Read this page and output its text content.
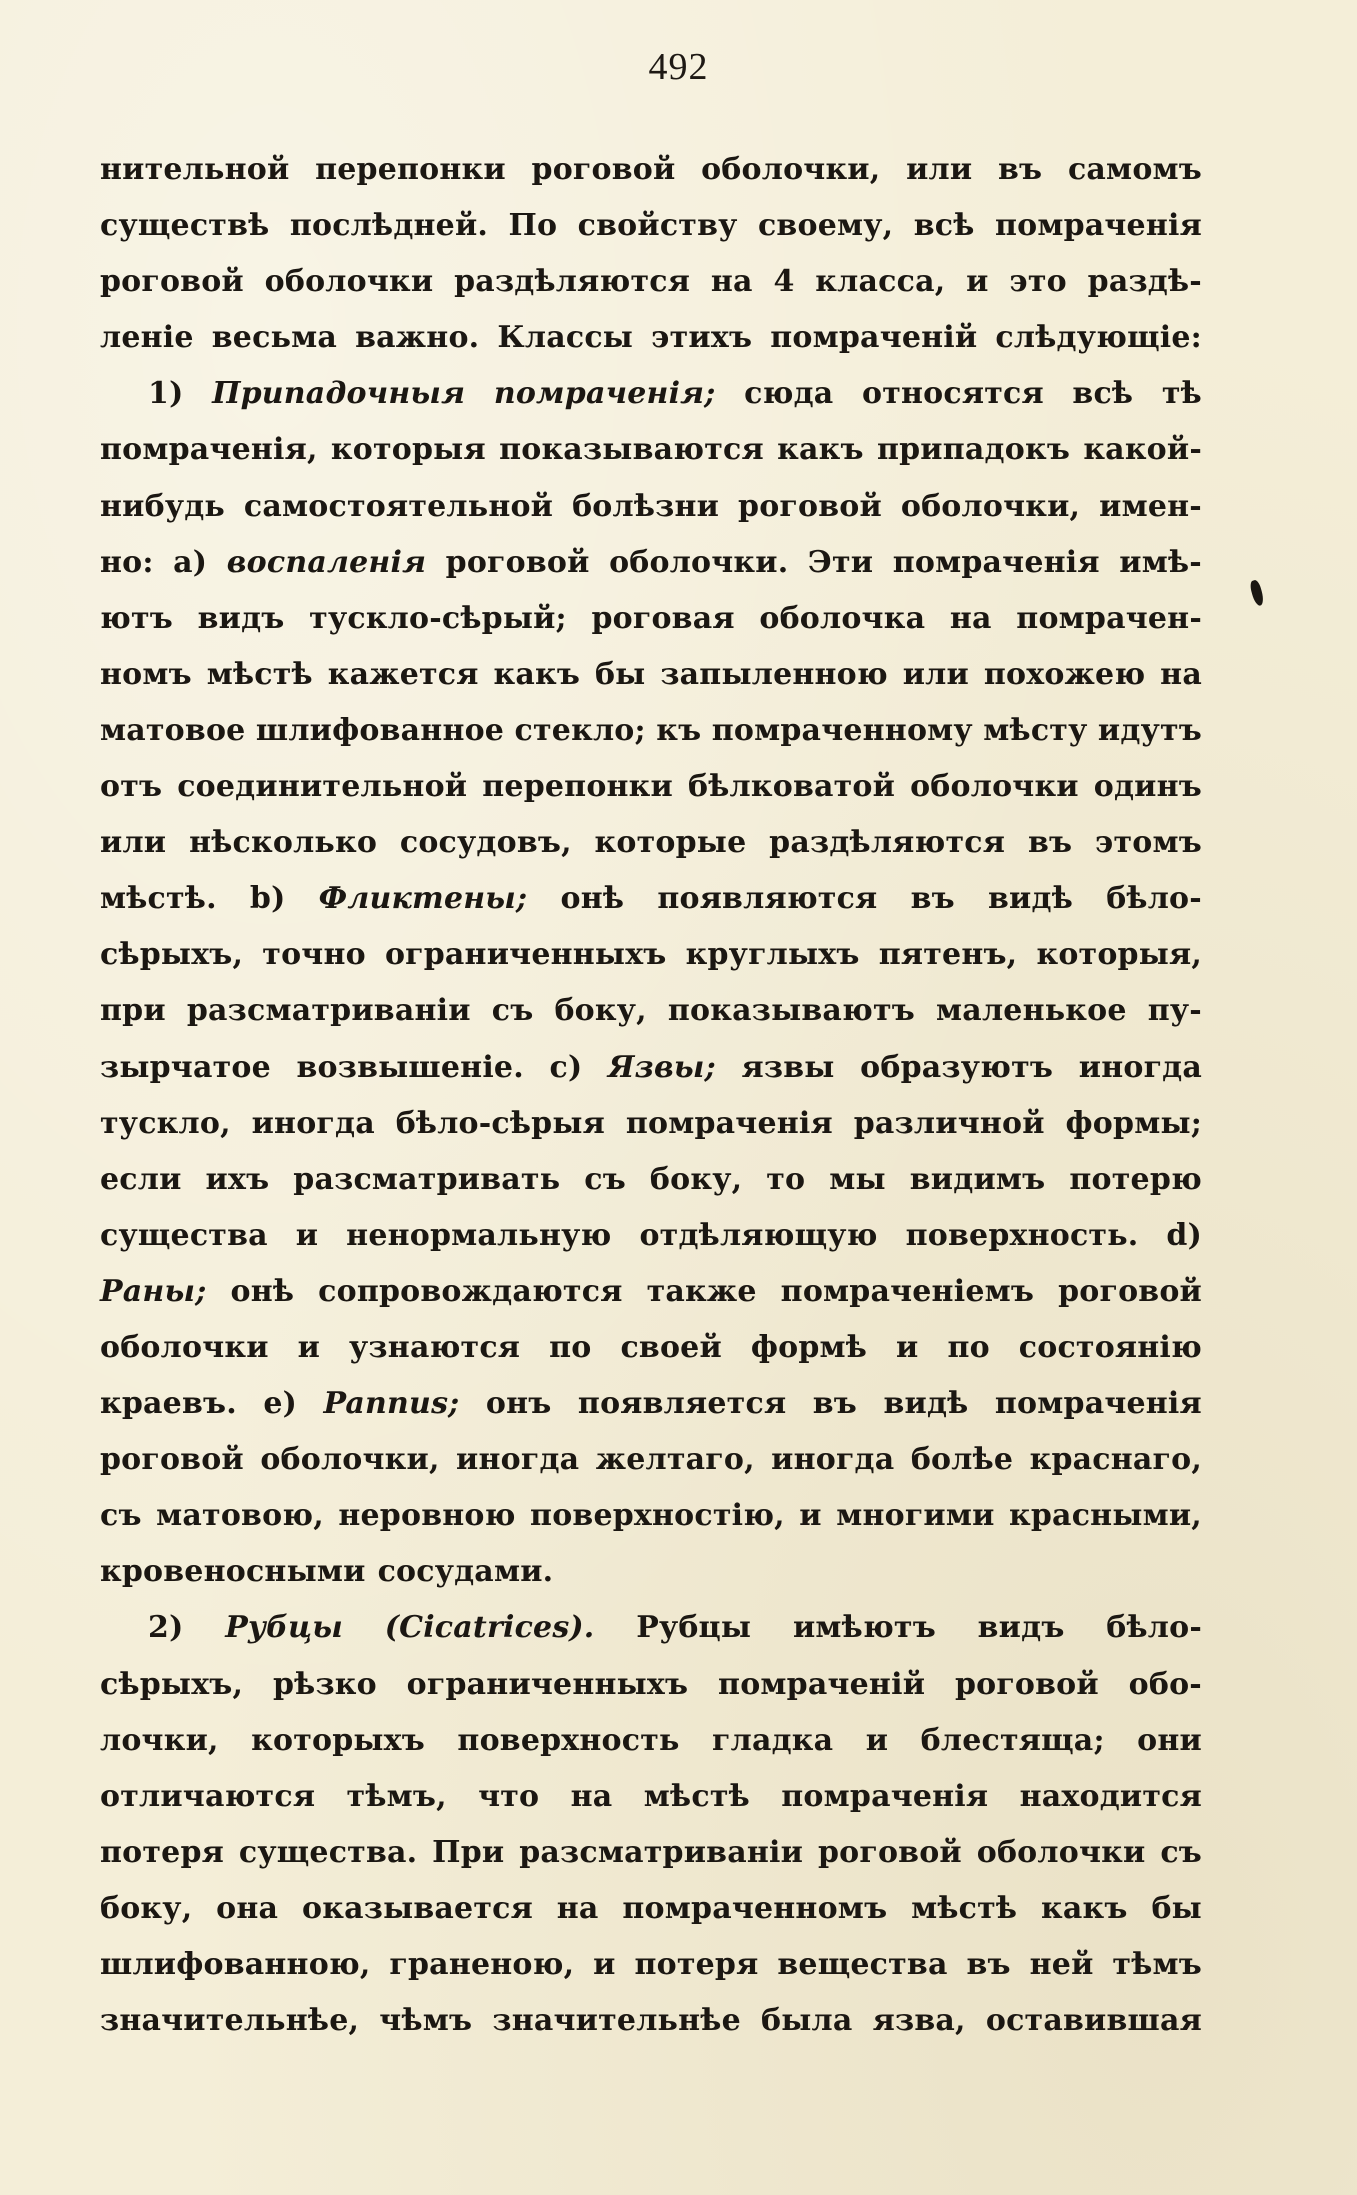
492
нительной перепонки роговой оболочки, или въ самомъ
существѣ послѣдней. По свойству своему, всѣ помраченія
роговой оболочки раздѣляются на 4 класса, и это раздѣ-
леніе весьма важно. Классы этихъ помраченій слѣдующіе:
1) Припадочныя помраченія; сюда относятся всѣ тѣ
помраченія, которыя показываются какъ припадокъ какой-
нибудь самостоятельной болѣзни роговой оболочки, имен-
но: а) воспаленія роговой оболочки. Эти помраченія имѣ-
ютъ видъ тускло-сѣрый; роговая оболочка на помрачен-
номъ мѣстѣ кажется какъ бы запыленною или похожею на
матовое шлифованное стекло; къ помраченному мѣсту идутъ
отъ соединительной перепонки бѣлковатой оболочки одинъ
или нѣсколько сосудовъ, которые раздѣляются въ этомъ
мѣстѣ. b) Фликтены; онѣ появляются въ видѣ бѣло-
сѣрыхъ, точно ограниченныхъ круглыхъ пятенъ, которыя,
при разсматриваніи съ боку, показываютъ маленькое пу-
зырчатое возвышеніе. c) Язвы; язвы образуютъ иногда
тускло, иногда бѣло-сѣрыя помраченія различной формы;
если ихъ разсматривать съ боку, то мы видимъ потерю
существа и ненормальную отдѣляющую поверхность. d)
Раны; онѣ сопровождаются также помраченіемъ роговой
оболочки и узнаются по своей формѣ и по состоянію
краевъ. e) Pannus; онъ появляется въ видѣ помраченія
роговой оболочки, иногда желтаго, иногда болѣе краснаго,
съ матовою, неровною поверхностію, и многими красными,
кровеносными сосудами.
2) Рубцы (Cicatrices). Рубцы имѣютъ видъ бѣло-
сѣрыхъ, рѣзко ограниченныхъ помраченій роговой обо-
лочки, которыхъ поверхность гладка и блестяща; они
отличаются тѣмъ, что на мѣстѣ помраченія находится
потеря существа. При разсматриваніи роговой оболочки съ
боку, она оказывается на помраченномъ мѣстѣ какъ бы
шлифованною, граненою, и потеря вещества въ ней тѣмъ
значительнѣе, чѣмъ значительнѣе была язва, оставившая
